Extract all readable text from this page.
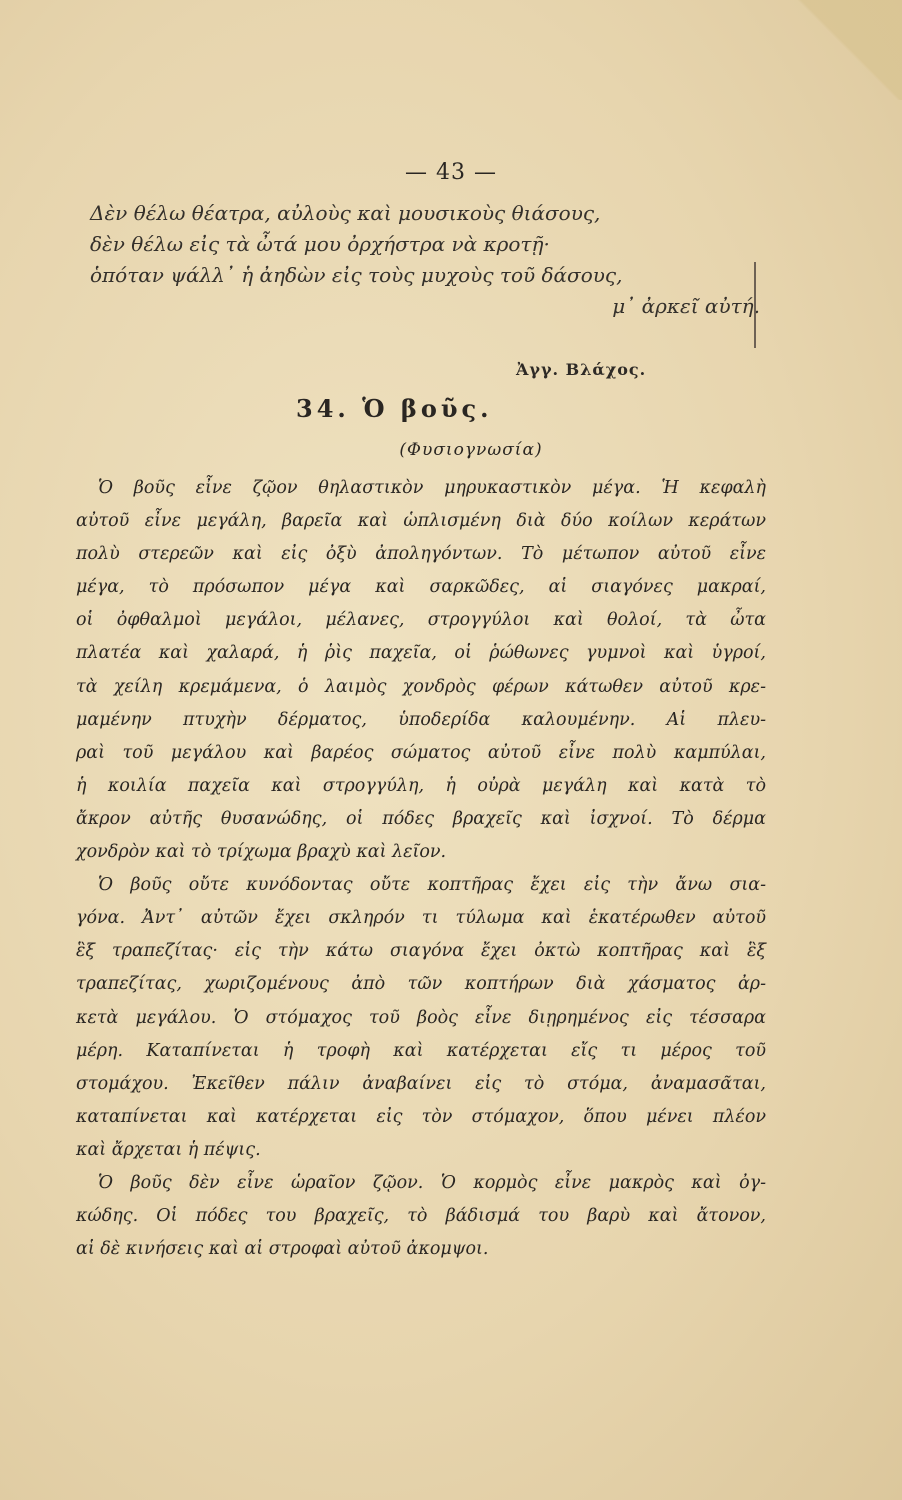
— 43 —
Δὲν θέλω θέατρα, αὐλοὺς καὶ μουσικοὺς θιάσους,
δὲν θέλω εἰς τὰ ὦτά μου ὀρχήστρα νὰ κροτῇ·
ὁπόταν ψάλλ᾽ ἡ ἀηδὼν εἰς τοὺς μυχοὺς τοῦ δάσους,
μ᾽ ἀρκεῖ αὐτή.
Ἀγγ. Βλάχος.
34. Ὁ βοῦς.
(Φυσιογνωσία)
Ὁ βοῦς εἶνε ζῷον θηλαστικὸν μηρυκαστικὸν μέγα. Ἡ κεφαλὴ
αὐτοῦ εἶνε μεγάλη, βαρεῖα καὶ ὡπλισμένη διὰ δύο κοίλων κεράτων
πολὺ στερεῶν καὶ εἰς ὀξὺ ἀποληγόντων. Τὸ μέτωπον αὐτοῦ εἶνε
μέγα, τὸ πρόσωπον μέγα καὶ σαρκῶδες, αἱ σιαγόνες μακραί,
οἱ ὀφθαλμοὶ μεγάλοι, μέλανες, στρογγύλοι καὶ θολοί, τὰ ὦτα
πλατέα καὶ χαλαρά, ἡ ῥὶς παχεῖα, οἱ ῥώθωνες γυμνοὶ καὶ ὑγροί,
τὰ χείλη κρεμάμενα, ὁ λαιμὸς χονδρὸς φέρων κάτωθεν αὐτοῦ κρε-
μαμένην πτυχὴν δέρματος, ὑποδερίδα καλουμένην. Αἱ πλευ-
ραὶ τοῦ μεγάλου καὶ βαρέος σώματος αὐτοῦ εἶνε πολὺ καμπύλαι,
ἡ κοιλία παχεῖα καὶ στρογγύλη, ἡ οὐρὰ μεγάλη καὶ κατὰ τὸ
ἄκρον αὐτῆς θυσανώδης, οἱ πόδες βραχεῖς καὶ ἰσχνοί. Τὸ δέρμα
χονδρὸν καὶ τὸ τρίχωμα βραχὺ καὶ λεῖον.
Ὁ βοῦς οὔτε κυνόδοντας οὔτε κοπτῆρας ἔχει εἰς τὴν ἄνω σια-
γόνα. Ἀντ᾽ αὐτῶν ἔχει σκληρόν τι τύλωμα καὶ ἑκατέρωθεν αὐτοῦ
ἓξ τραπεζίτας· εἰς τὴν κάτω σιαγόνα ἔχει ὀκτὼ κοπτῆρας καὶ ἓξ
τραπεζίτας, χωριζομένους ἀπὸ τῶν κοπτήρων διὰ χάσματος ἀρ-
κετὰ μεγάλου. Ὁ στόμαχος τοῦ βοὸς εἶνε διῃρημένος εἰς τέσσαρα
μέρη. Καταπίνεται ἡ τροφὴ καὶ κατέρχεται εἴς τι μέρος τοῦ
στομάχου. Ἐκεῖθεν πάλιν ἀναβαίνει εἰς τὸ στόμα, ἀναμασᾶται,
καταπίνεται καὶ κατέρχεται εἰς τὸν στόμαχον, ὅπου μένει πλέον
καὶ ἄρχεται ἡ πέψις.
Ὁ βοῦς δὲν εἶνε ὡραῖον ζῷον. Ὁ κορμὸς εἶνε μακρὸς καὶ ὀγ-
κώδης. Οἱ πόδες του βραχεῖς, τὸ βάδισμά του βαρὺ καὶ ἄτονον,
αἱ δὲ κινήσεις καὶ αἱ στροφαὶ αὐτοῦ ἀκομψοι.
